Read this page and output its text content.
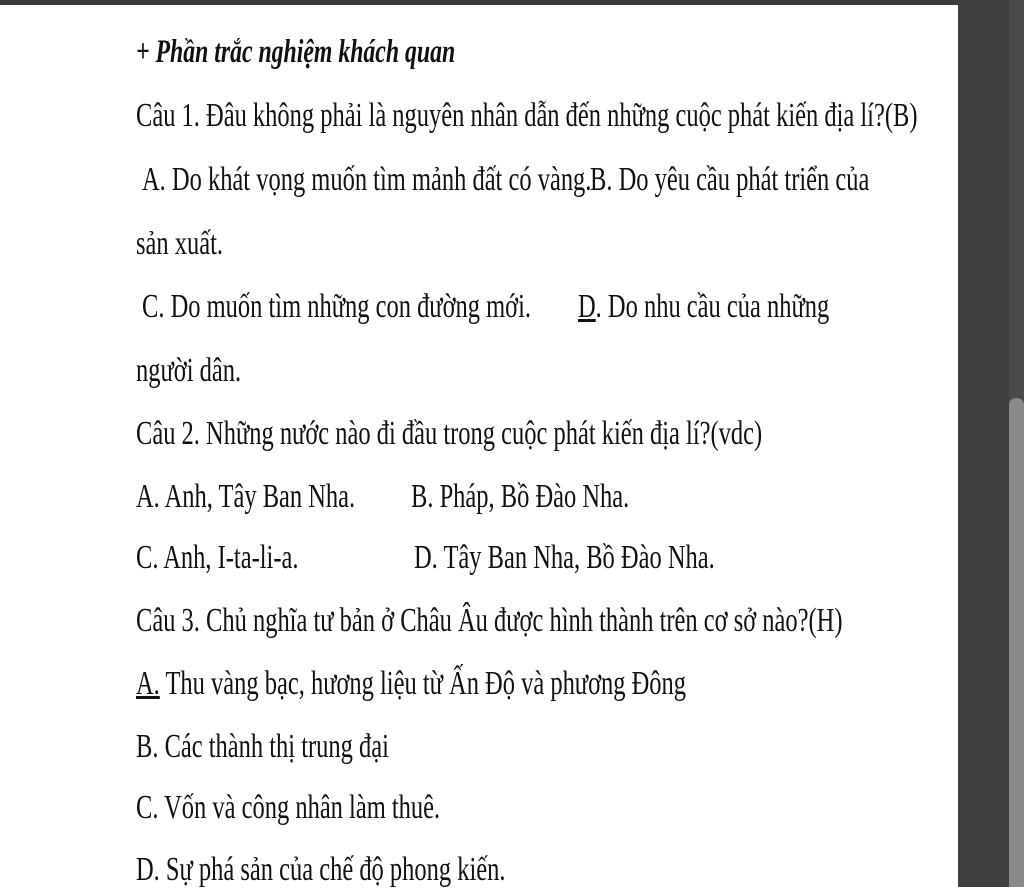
+ Phần trắc nghiệm khách quan
Câu 1. Đâu không phải là nguyên nhân dẫn đến những cuộc phát kiến địa lí?(B)
A. Do khát vọng muốn tìm mảnh đất có vàng.
B. Do yêu cầu phát triển của
sản xuất.
C. Do muốn tìm những con đường mới. D. Do nhu cầu của những
người dân.
Câu 2. Những nước nào đi đầu trong cuộc phát kiến địa lí?(vdc)
A. Anh, Tây Ban Nha. B. Pháp, Bồ Đào Nha.
C. Anh, I-ta-li-a.	D. Tây Ban Nha, Bồ Đào Nha.
Câu 3. Chủ nghĩa tư bản ở Châu Âu được hình thành trên cơ sở nào?(H)
A. Thu vàng bạc, hương liệu từ Ấn Độ và phương Đông
B. Các thành thị trung đại
C. Vốn và công nhân làm thuê.
D. Sự phá sản của chế độ phong kiến.
